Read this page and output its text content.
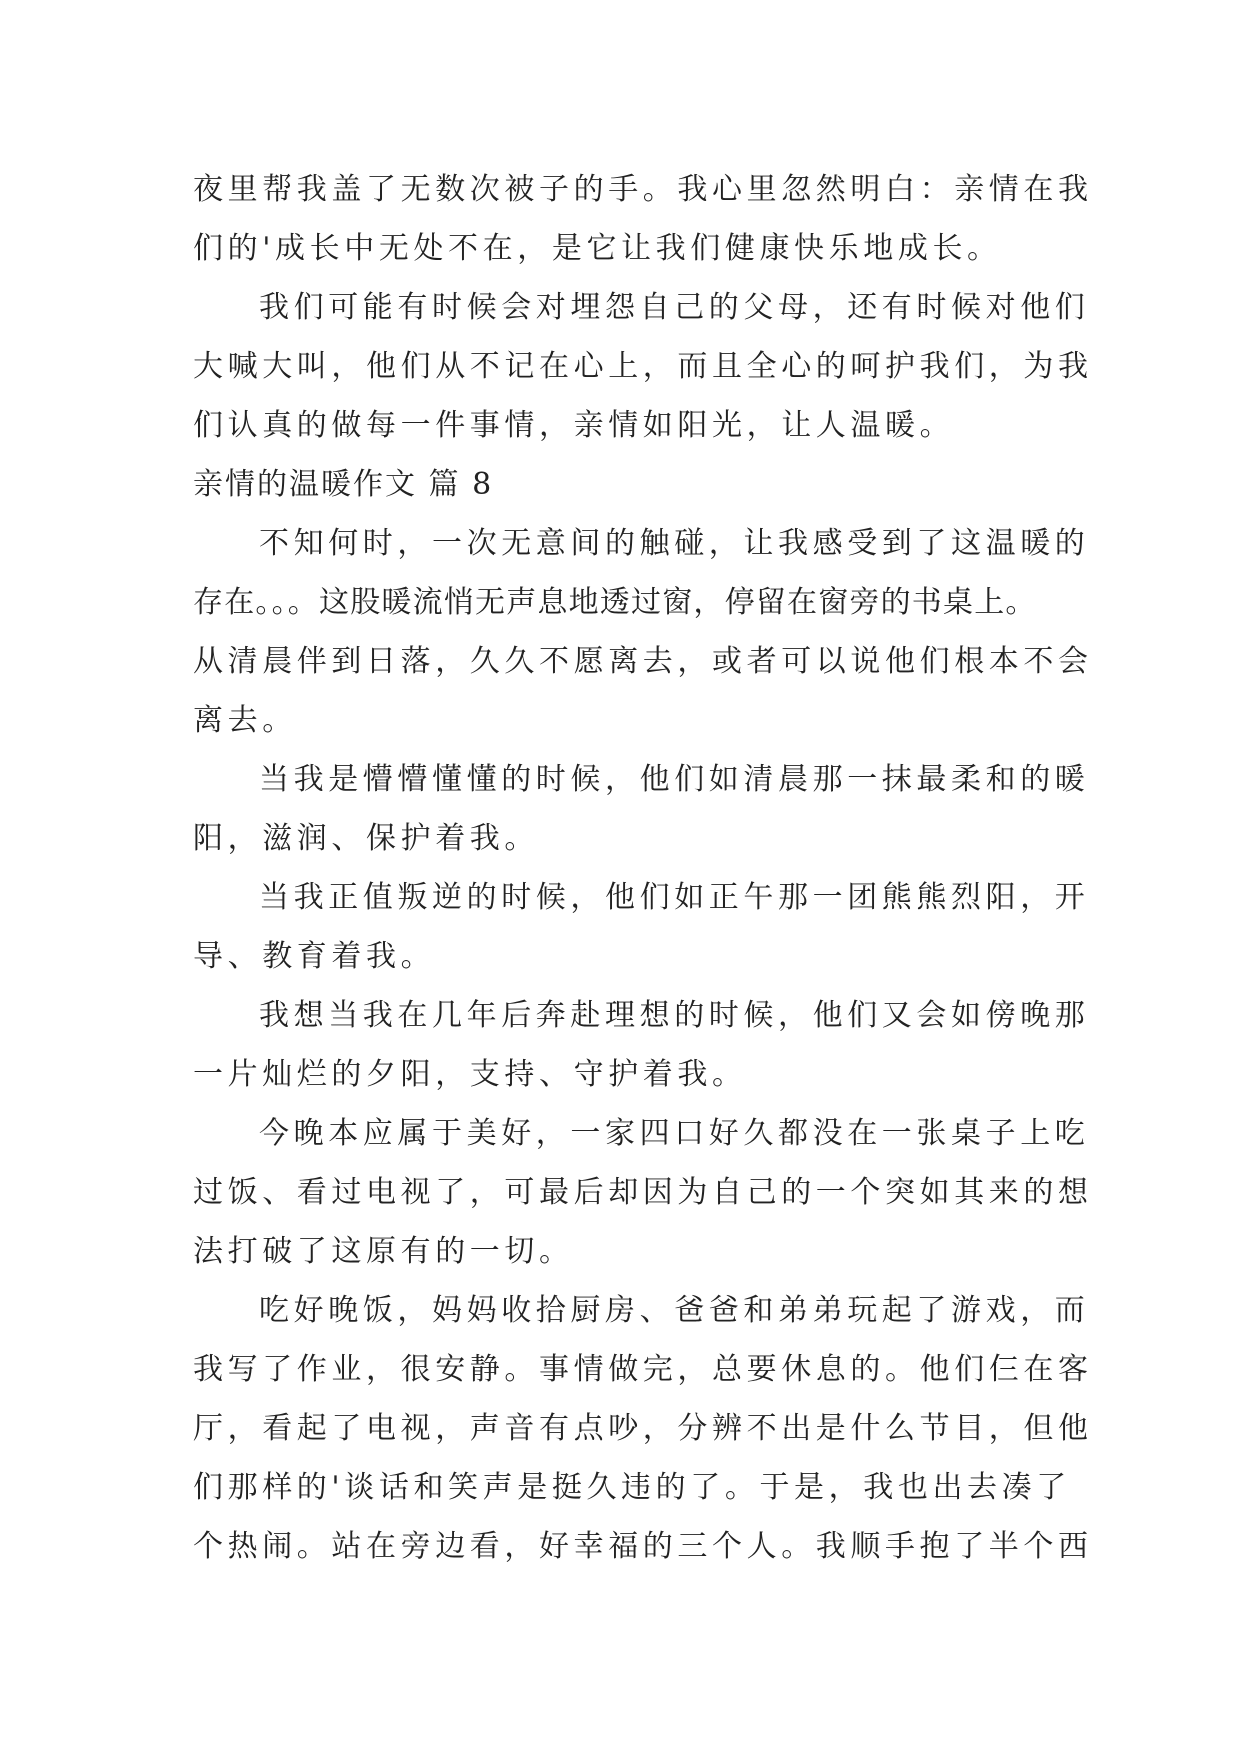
夜里帮我盖了无数次被子的手。我心里忽然明白：亲情在我
们的'成长中无处不在，是它让我们健康快乐地成长。
我们可能有时候会对埋怨自己的父母，还有时候对他们
大喊大叫，他们从不记在心上，而且全心的呵护我们，为我
们认真的做每一件事情，亲情如阳光，让人温暖。
亲情的温暖作文 篇 8
不知何时，一次无意间的触碰，让我感受到了这温暖的
存在。。。这股暖流悄无声息地透过窗，停留在窗旁的书桌上。
从清晨伴到日落，久久不愿离去，或者可以说他们根本不会
离去。
当我是懵懵懂懂的时候，他们如清晨那一抹最柔和的暖
阳，滋润、保护着我。
当我正值叛逆的时候，他们如正午那一团熊熊烈阳，开
导、教育着我。
我想当我在几年后奔赴理想的时候，他们又会如傍晚那
一片灿烂的夕阳，支持、守护着我。
今晚本应属于美好，一家四口好久都没在一张桌子上吃
过饭、看过电视了，可最后却因为自己的一个突如其来的想
法打破了这原有的一切。
吃好晚饭，妈妈收拾厨房、爸爸和弟弟玩起了游戏，而
我写了作业，很安静。事情做完，总要休息的。他们仨在客
厅，看起了电视，声音有点吵，分辨不出是什么节目，但他
们那样的'谈话和笑声是挺久违的了。于是，我也出去凑了
个热闹。站在旁边看，好幸福的三个人。我顺手抱了半个西
